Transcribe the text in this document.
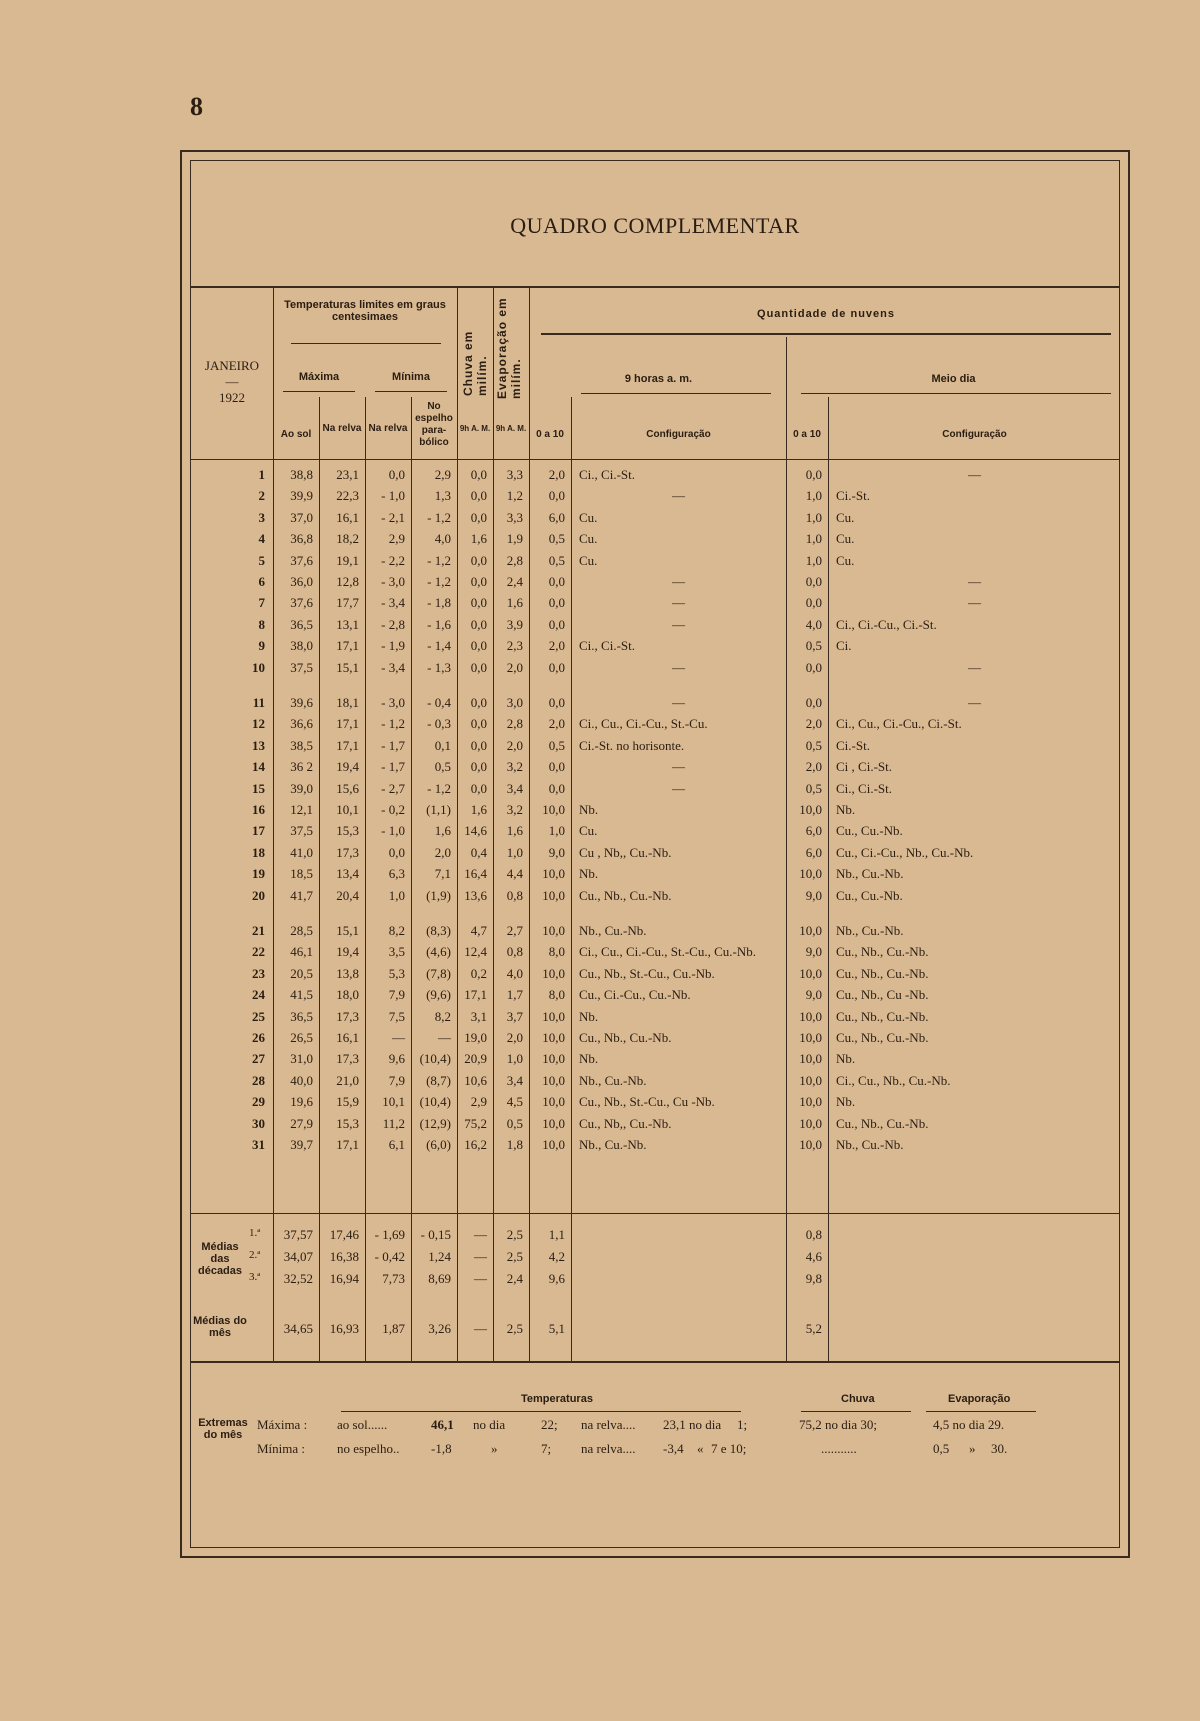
8
QUADRO COMPLEMENTAR
JANEIRO
—
1922
Temperaturas limites em graus centesimaes
Máxima	Mínima	Chuva em milím. Evaporação em milím.
Quantidade de nuvens
9 horas a. m.	Meio dia
Ao sol
Na relva Na relva
No espelho para-bólico
9h A. M. 9h A. M.
0 a 10	Configuração	0 a 10	Configuração
1 38,8 23,1 0,0 2,9 0,0 3,3 2,0 Ci., Ci.-St.	0,0	—
2 39,9 22,3 - 1,0 1,3 0,0 1,2 0,0	—	1,0 Ci.-St.
3 37,0 16,1 - 2,1 - 1,2 0,0 3,3 6,0 Cu.	1,0 Cu.
4 36,8 18,2 2,9 4,0 1,6 1,9 0,5 Cu.	1,0 Cu.
5 37,6 19,1 - 2,2 - 1,2 0,0 2,8 0,5 Cu.	1,0 Cu.
6 36,0 12,8 - 3,0 - 1,2 0,0 2,4 0,0	—	0,0	—
7 37,6 17,7 - 3,4 - 1,8 0,0 1,6 0,0	—	0,0	—
8 36,5 13,1 - 2,8 - 1,6 0,0 3,9 0,0	—	4,0 Ci., Ci.-Cu., Ci.-St.
9 38,0 17,1 - 1,9 - 1,4 0,0 2,3 2,0 Ci., Ci.-St.	0,5 Ci.
10 37,5 15,1 - 3,4 - 1,3 0,0 2,0 0,0	—	0,0	—
11 39,6 18,1 - 3,0 - 0,4 0,0 3,0 0,0	—	0,0	—
12 36,6 17,1 - 1,2 - 0,3 0,0 2,8 2,0 Ci., Cu., Ci.-Cu., St.-Cu.	2,0 Ci., Cu., Ci.-Cu., Ci.-St.
13 38,5 17,1 - 1,7 0,1 0,0 2,0 0,5 Ci.-St. no horisonte.	0,5 Ci.-St.
14 36 2 19,4 - 1,7 0,5 0,0 3,2 0,0	—	2,0 Ci , Ci.-St.
15 39,0 15,6 - 2,7 - 1,2 0,0 3,4 0,0	—	0,5 Ci., Ci.-St.
16 12,1 10,1 - 0,2 (1,1) 1,6 3,2 10,0 Nb.	10,0 Nb.
17 37,5 15,3 - 1,0 1,6 14,6 1,6 1,0 Cu.	6,0 Cu., Cu.-Nb.
18 41,0 17,3 0,0 2,0 0,4 1,0 9,0 Cu , Nb,, Cu.-Nb.	6,0 Cu., Ci.-Cu., Nb., Cu.-Nb.
19 18,5 13,4 6,3 7,1 16,4 4,4 10,0 Nb.	10,0 Nb., Cu.-Nb.
20 41,7 20,4 1,0 (1,9) 13,6 0,8 10,0 Cu., Nb., Cu.-Nb.	9,0 Cu., Cu.-Nb.
21 28,5 15,1 8,2 (8,3) 4,7 2,7 10,0 Nb., Cu.-Nb.	10,0 Nb., Cu.-Nb.
22 46,1 19,4 3,5 (4,6) 12,4 0,8 8,0 Ci., Cu., Ci.-Cu., St.-Cu., Cu.-Nb.	9,0 Cu., Nb., Cu.-Nb.
23 20,5 13,8 5,3 (7,8) 0,2 4,0 10,0 Cu., Nb., St.-Cu., Cu.-Nb.	10,0 Cu., Nb., Cu.-Nb.
24 41,5 18,0 7,9 (9,6) 17,1 1,7 8,0 Cu., Ci.-Cu., Cu.-Nb.	9,0 Cu., Nb., Cu -Nb.
25 36,5 17,3 7,5 8,2 3,1 3,7 10,0 Nb.	10,0 Cu., Nb., Cu.-Nb.
26 26,5 16,1	—	— 19,0 2,0 10,0 Cu., Nb., Cu.-Nb.	10,0 Cu., Nb., Cu.-Nb.
27 31,0 17,3 9,6 (10,4) 20,9 1,0 10,0 Nb.	10,0 Nb.
28 40,0 21,0 7,9 (8,7) 10,6 3,4 10,0 Nb., Cu.-Nb.	10,0 Ci., Cu., Nb., Cu.-Nb.
29 19,6 15,9 10,1 (10,4) 2,9 4,5 10,0 Cu., Nb., St.-Cu., Cu -Nb.	10,0 Nb.
30 27,9 15,3 11,2 (12,9) 75,2 0,5 10,0 Cu., Nb,, Cu.-Nb.	10,0 Cu., Nb., Cu.-Nb.
31 39,7 17,1 6,1 (6,0) 16,2 1,8 10,0 Nb., Cu.-Nb.	10,0 Nb., Cu.-Nb.
Médias das décadas
Médias do mês
1.ª 37,57 17,46 - 1,69 - 0,15 — 2,5 1,1	0,8
2.ª 34,07 16,38 - 0,42 1,24 — 2,5 4,2	4,6
3.ª 32,52 16,94 7,73 8,69 — 2,4 9,6	9,8
34,65 16,93 1,87 3,26 — 2,5 5,1	5,2
Temperaturas	Chuva	Evaporação
Extremas do mês
Máxima : ao sol......	46,1 no dia	22; na relva.... 23,1 no dia 1;	75,2 no dia 30;	4,5 no dia 29.
Mínima : no espelho.. -1,8	»	7; na relva.... -3,4 « 7 e 10;	...........	0,5 » 30.
